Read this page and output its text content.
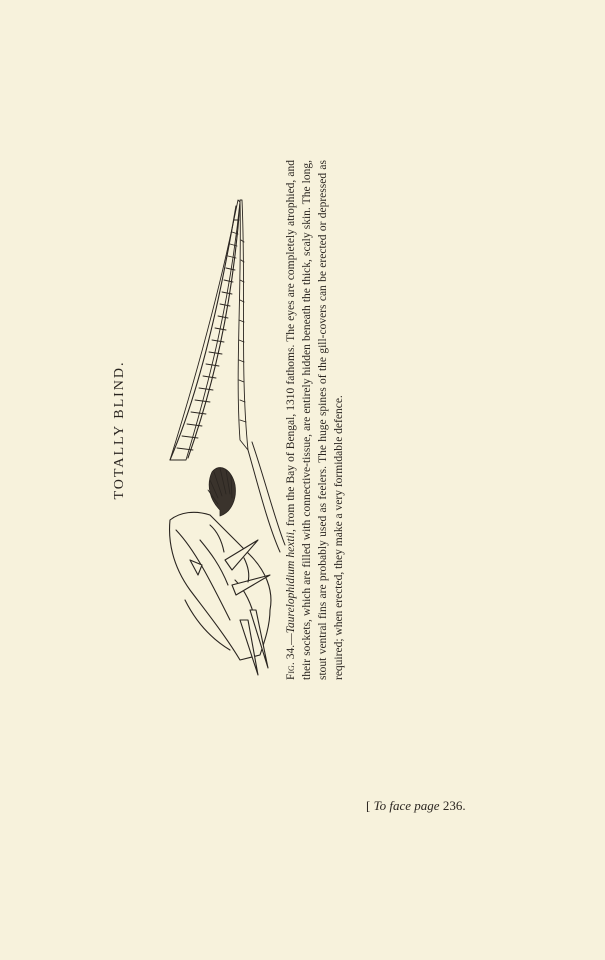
TOTALLY BLIND.

Fig. 34.—Taurelophidium hextii, from the Bay of Bengal, 1310 fathoms. The eyes are completely atrophied, and their sockets, which are filled with connective-tissue, are entirely hidden beneath the thick, scaly skin. The long, stout ventral fins are probably used as feelers. The huge spines of the gill-covers can be erected or depressed as required; when erected, they make a very formidable defence.

[ To face page 236.
